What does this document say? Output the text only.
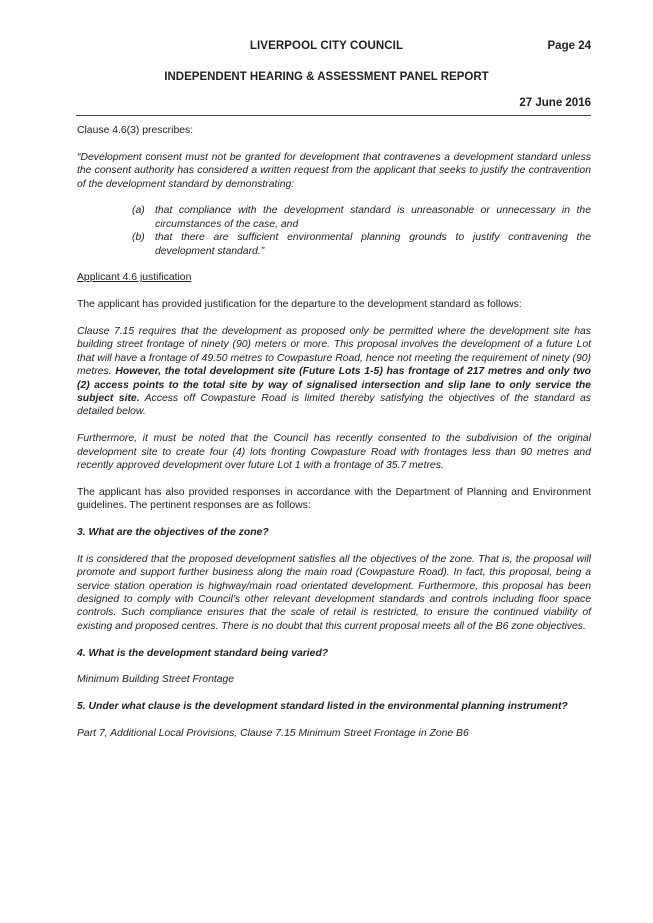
LIVERPOOL CITY COUNCIL	Page 24
INDEPENDENT HEARING & ASSESSMENT PANEL REPORT
27 June 2016

Clause 4.6(3) prescribes:

“Development consent must not be granted for development that contravenes a development standard unless the consent authority has considered a written request from the applicant that seeks to justify the contravention of the development standard by demonstrating:

(a) that compliance with the development standard is unreasonable or unnecessary in the circumstances of the case, and
(b) that there are sufficient environmental planning grounds to justify contravening the development standard.”

Applicant 4.6 justification

The applicant has provided justification for the departure to the development standard as follows:

Clause 7.15 requires that the development as proposed only be permitted where the development site has building street frontage of ninety (90) meters or more. This proposal involves the development of a future Lot that will have a frontage of 49.50 metres to Cowpasture Road, hence not meeting the requirement of ninety (90) metres. However, the total development site (Future Lots 1-5) has frontage of 217 metres and only two (2) access points to the total site by way of signalised intersection and slip lane to only service the subject site. Access off Cowpasture Road is limited thereby satisfying the objectives of the standard as detailed below.

Furthermore, it must be noted that the Council has recently consented to the subdivision of the original development site to create four (4) lots fronting Cowpasture Road with frontages less than 90 metres and recently approved development over future Lot 1 with a frontage of 35.7 metres.

The applicant has also provided responses in accordance with the Department of Planning and Environment guidelines. The pertinent responses are as follows:

3. What are the objectives of the zone?

It is considered that the proposed development satisfies all the objectives of the zone. That is, the proposal will promote and support further business along the main road (Cowpasture Road). In fact, this proposal, being a service station operation is highway/main road orientated development. Furthermore, this proposal has been designed to comply with Council’s other relevant development standards and controls including floor space controls. Such compliance ensures that the scale of retail is restricted, to ensure the continued viability of existing and proposed centres. There is no doubt that this current proposal meets all of the B6 zone objectives.

4. What is the development standard being varied?

Minimum Building Street Frontage

5. Under what clause is the development standard listed in the environmental planning instrument?

Part 7, Additional Local Provisions, Clause 7.15 Minimum Street Frontage in Zone B6
